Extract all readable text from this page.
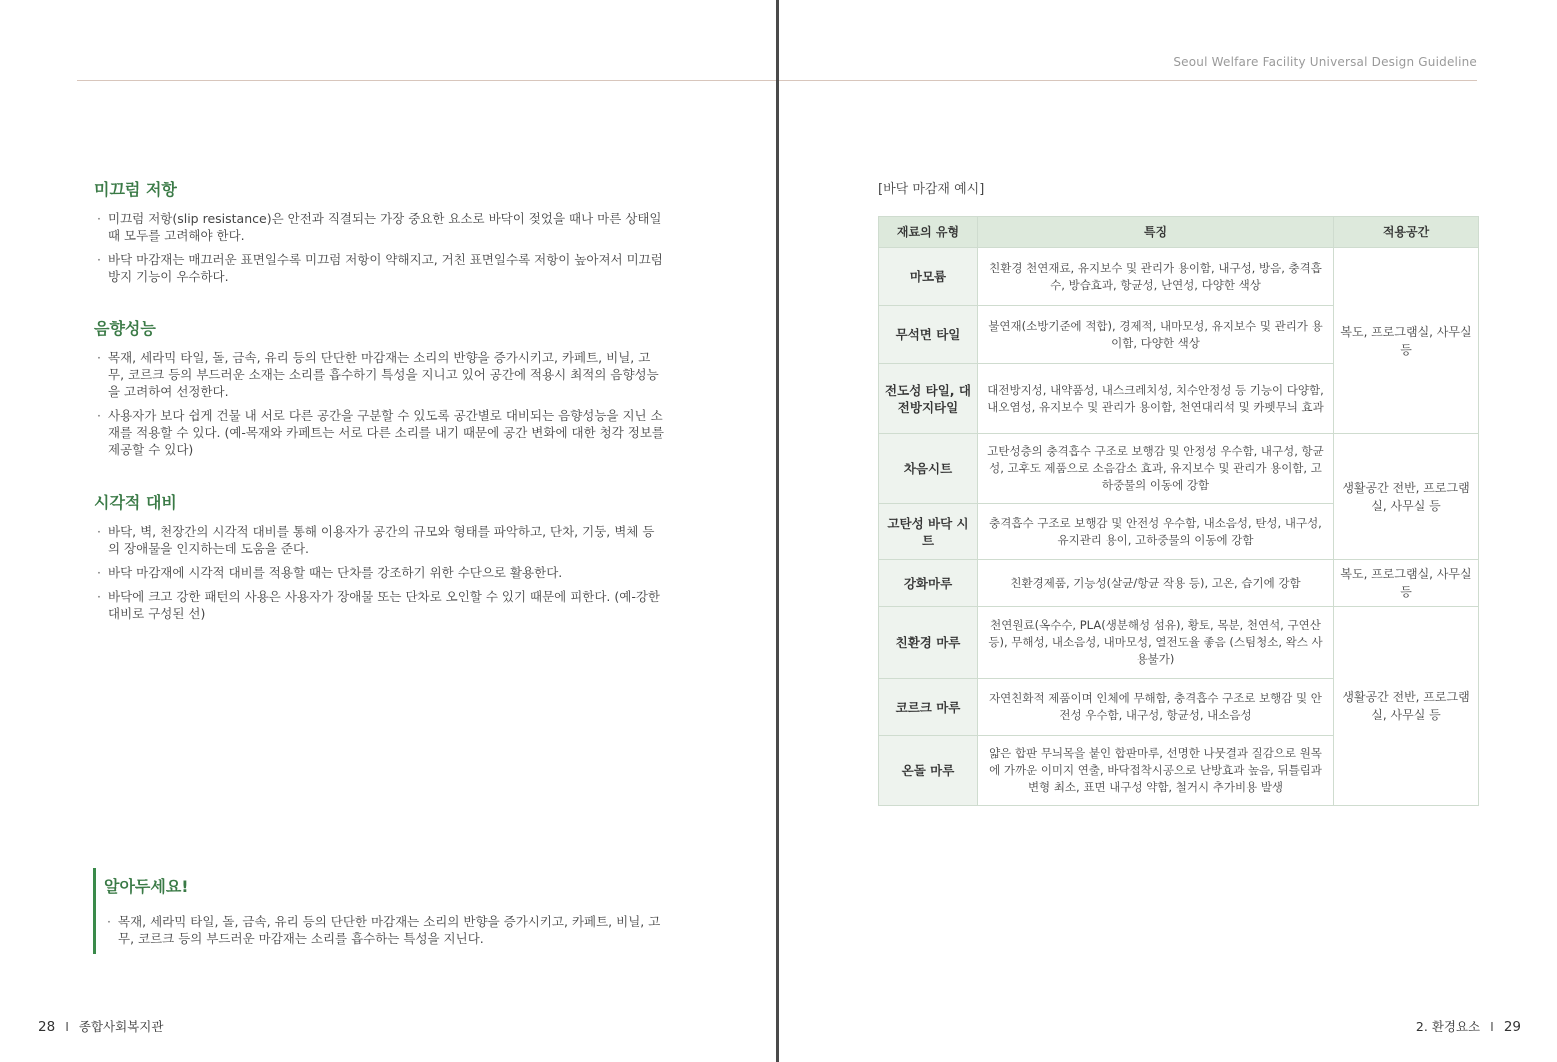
Seoul Welfare Facility Universal Design Guideline
미끄럼 저항
· 미끄럼 저항(slip resistance)은 안전과 직결되는 가장 중요한 요소로 바닥이 젖었을 때나 마른 상태일 때 모두를 고려해야 한다.
· 바닥 마감재는 매끄러운 표면일수록 미끄럼 저항이 약해지고, 거친 표면일수록 저항이 높아져서 미끄럼 방지 기능이 우수하다.
음향성능
· 목재, 세라믹 타일, 돌, 금속, 유리 등의 단단한 마감재는 소리의 반향을 증가시키고, 카페트, 비닐, 고무, 코르크 등의 부드러운 소재는 소리를 흡수하기 특성을 지니고 있어 공간에 적용시 최적의 음향성능을 고려하여 선정한다.
· 사용자가 보다 쉽게 건물 내 서로 다른 공간을 구분할 수 있도록 공간별로 대비되는 음향성능을 지닌 소재를 적용할 수 있다. (예-목재와 카페트는 서로 다른 소리를 내기 때문에 공간 변화에 대한 청각 정보를 제공할 수 있다)
시각적 대비
· 바닥, 벽, 천장간의 시각적 대비를 통해 이용자가 공간의 규모와 형태를 파악하고, 단차, 기둥, 벽체 등의 장애물을 인지하는데 도움을 준다.
· 바닥 마감재에 시각적 대비를 적용할 때는 단차를 강조하기 위한 수단으로 활용한다.
· 바닥에 크고 강한 패턴의 사용은 사용자가 장애물 또는 단차로 오인할 수 있기 때문에 피한다. (예-강한 대비로 구성된 선)
알아두세요!
· 목재, 세라믹 타일, 돌, 금속, 유리 등의 단단한 마감재는 소리의 반향을 증가시키고, 카페트, 비닐, 고무, 코르크 등의 부드러운 마감재는 소리를 흡수하는 특성을 지닌다.
28 I 종합사회복지관
[바닥 마감재 예시]
재료의 유형	특징	적용공간
마모륨	친환경 천연재료, 유지보수 및 관리가 용이함, 내구성, 방음, 충격흡수, 방습효과, 항균성, 난연성, 다양한 색상	복도, 프로그램실, 사무실 등
무석면 타일	불연재(소방기준에 적합), 경제적, 내마모성, 유지보수 및 관리가 용이함, 다양한 색상	
전도성 타일, 대전방지타일	대전방지성, 내약품성, 내스크레치성, 치수안정성 등 기능이 다양함, 내오염성, 유지보수 및 관리가 용이함, 천연대리석 및 카펫무늬 효과	
차음시트	고탄성층의 충격흡수 구조로 보행감 및 안정성 우수함, 내구성, 항균성, 고후도 제품으로 소음감소 효과, 유지보수 및 관리가 용이함, 고하중물의 이동에 강함	생활공간 전반, 프로그램실, 사무실 등
고탄성 바닥 시트	충격흡수 구조로 보행감 및 안전성 우수함, 내소음성, 탄성, 내구성, 유지관리 용이, 고하중물의 이동에 강함	
강화마루	친환경제품, 기능성(살균/항균 작용 등), 고온, 습기에 강함	복도, 프로그램실, 사무실 등
친환경 마루	천연원료(옥수수, PLA(생분해성 섬유), 황토, 목분, 천연석, 구연산 등), 무해성, 내소음성, 내마모성, 열전도율 좋음 (스팀청소, 왁스 사용불가)	생활공간 전반, 프로그램실, 사무실 등
코르크 마루	자연친화적 제품이며 인체에 무해함, 충격흡수 구조로 보행감 및 안전성 우수함, 내구성, 항균성, 내소음성	
온돌 마루	얇은 합판 무늬목을 붙인 합판마루, 선명한 나뭇결과 질감으로 원목에 가까운 이미지 연출, 바닥접착시공으로 난방효과 높음, 뒤틀림과 변형 최소, 표면 내구성 약함, 철거시 추가비용 발생	
2. 환경요소 I 29
